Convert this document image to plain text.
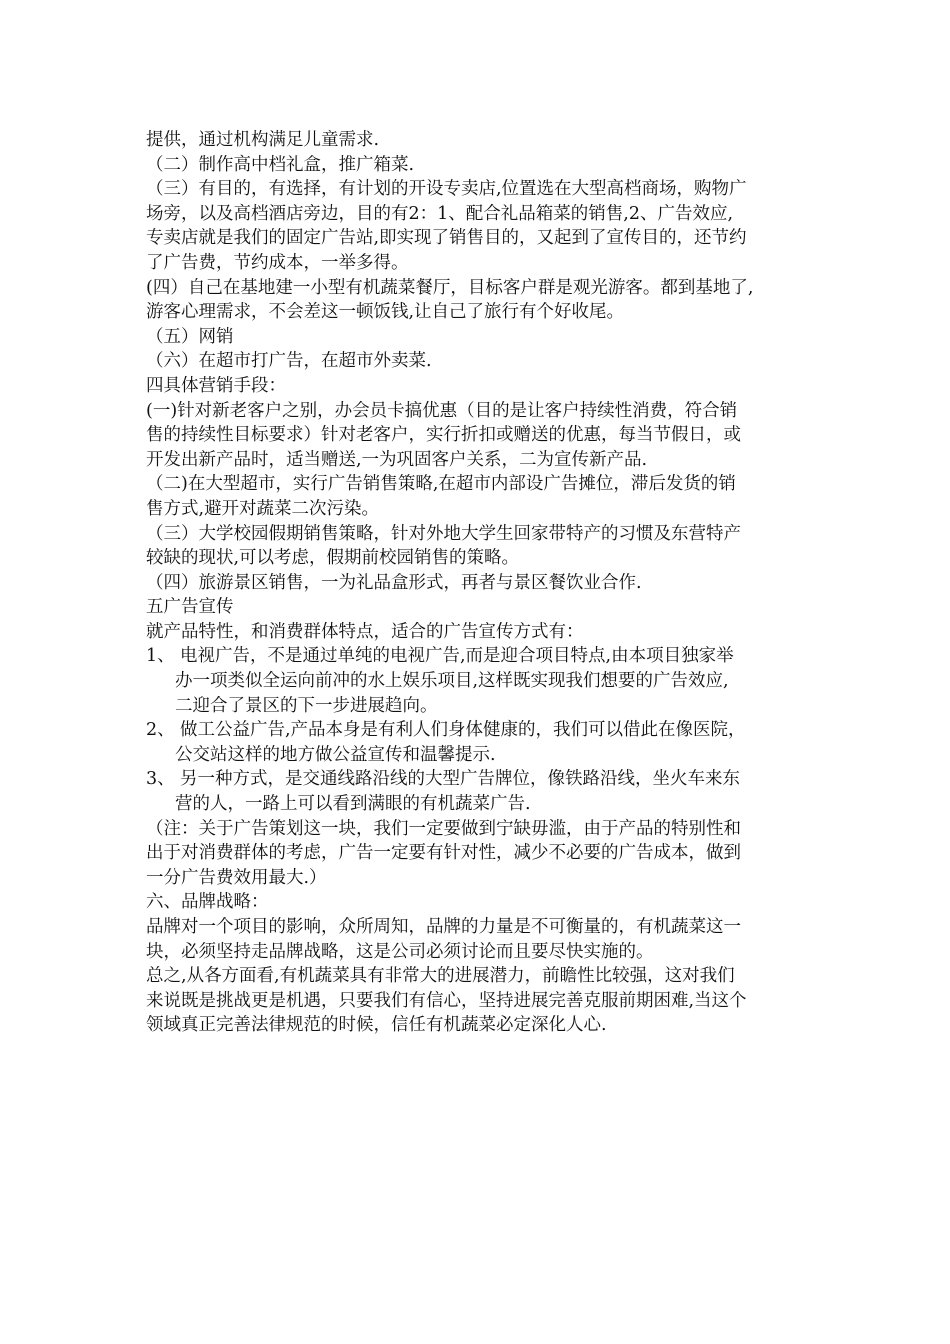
提供，通过机构满足儿童需求.
（二）制作高中档礼盒，推广箱菜.
（三）有目的，有选择，有计划的开设专卖店,位置选在大型高档商场，购物广
场旁，以及高档酒店旁边，目的有2：1、配合礼品箱菜的销售,2、广告效应,
专卖店就是我们的固定广告站,即实现了销售目的，又起到了宣传目的，还节约
了广告费，节约成本，一举多得。
(四）自己在基地建一小型有机蔬菜餐厅，目标客户群是观光游客。都到基地了,
游客心理需求，不会差这一顿饭钱,让自己了旅行有个好收尾。
（五）网销
（六）在超市打广告，在超市外卖菜.
四具体营销手段：
(一)针对新老客户之别，办会员卡搞优惠（目的是让客户持续性消费，符合销
售的持续性目标要求）针对老客户，实行折扣或赠送的优惠，每当节假日，或
开发出新产品时，适当赠送,一为巩固客户关系，二为宣传新产品.
（二)在大型超市，实行广告销售策略,在超市内部设广告摊位，滞后发货的销
售方式,避开对蔬菜二次污染。
（三）大学校园假期销售策略，针对外地大学生回家带特产的习惯及东营特产
较缺的现状,可以考虑，假期前校园销售的策略。
（四）旅游景区销售，一为礼品盒形式，再者与景区餐饮业合作.
五广告宣传
就产品特性，和消费群体特点，适合的广告宣传方式有：
1、 电视广告，不是通过单纯的电视广告,而是迎合项目特点,由本项目独家举
办一项类似全运向前冲的水上娱乐项目,这样既实现我们想要的广告效应,
二迎合了景区的下一步进展趋向。
2、 做工公益广告,产品本身是有利人们身体健康的，我们可以借此在像医院，
公交站这样的地方做公益宣传和温馨提示.
3、 另一种方式，是交通线路沿线的大型广告牌位，像铁路沿线，坐火车来东
营的人，一路上可以看到满眼的有机蔬菜广告.
（注：关于广告策划这一块，我们一定要做到宁缺毋滥，由于产品的特别性和
出于对消费群体的考虑，广告一定要有针对性，减少不必要的广告成本，做到
一分广告费效用最大.）
六、品牌战略：
品牌对一个项目的影响，众所周知，品牌的力量是不可衡量的，有机蔬菜这一
块，必须坚持走品牌战略，这是公司必须讨论而且要尽快实施的。
总之,从各方面看,有机蔬菜具有非常大的进展潜力，前瞻性比较强，这对我们
来说既是挑战更是机遇，只要我们有信心，坚持进展完善克服前期困难,当这个
领域真正完善法律规范的时候，信任有机蔬菜必定深化人心.
